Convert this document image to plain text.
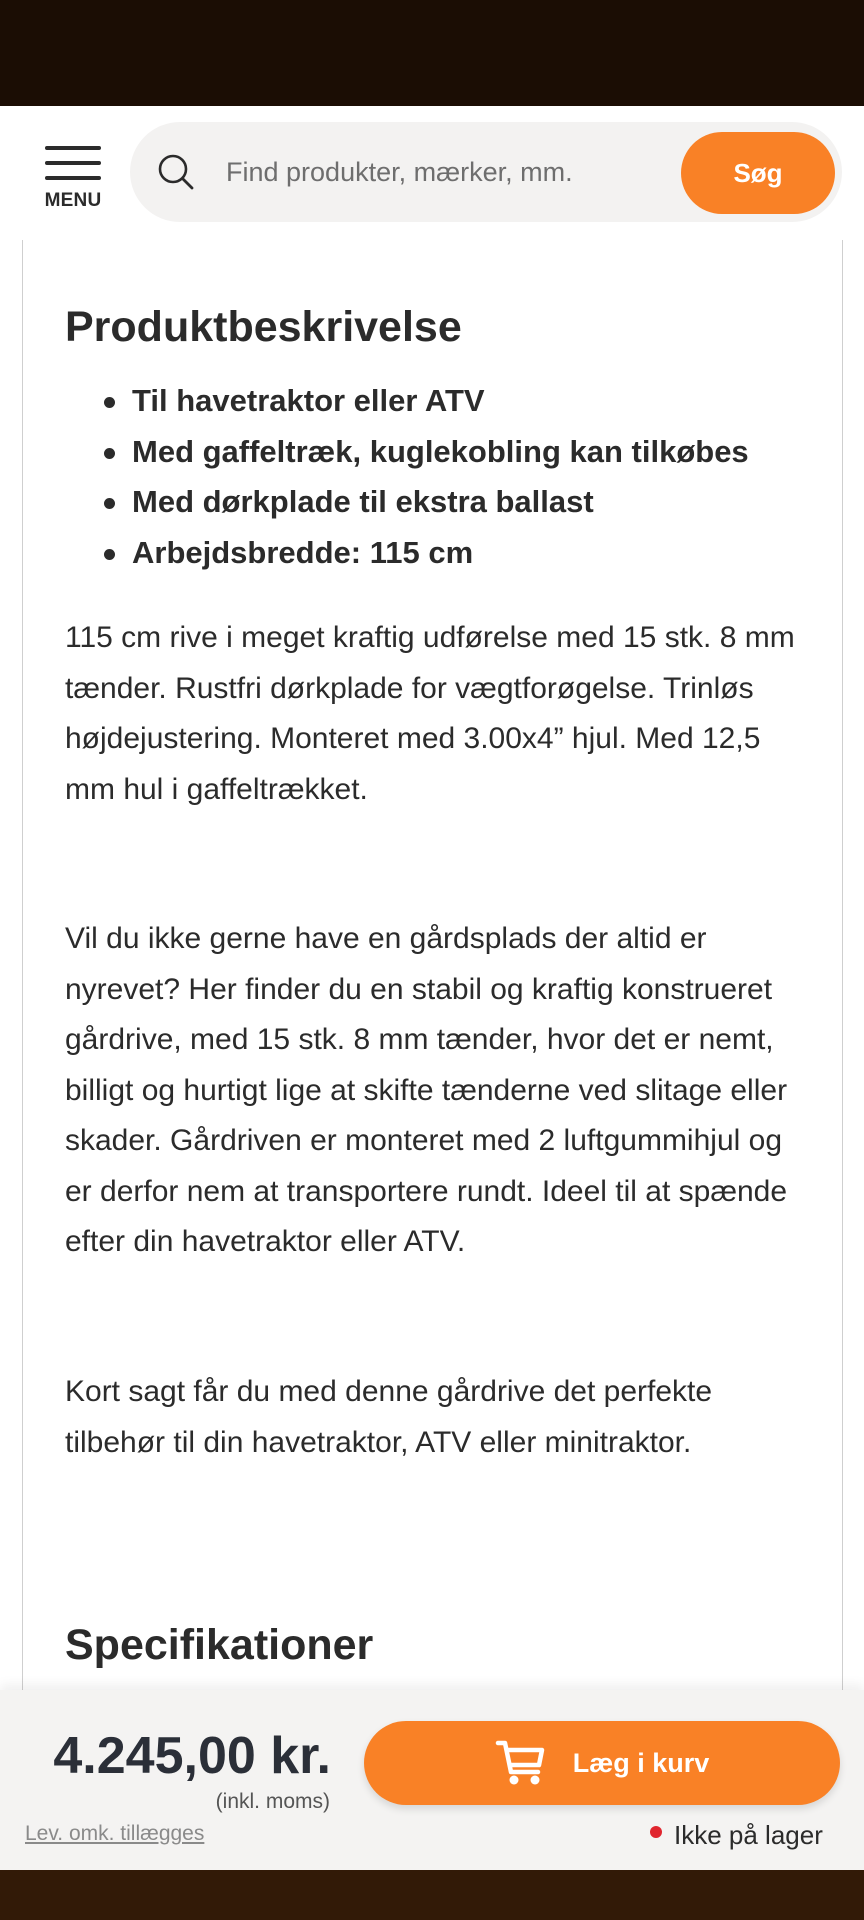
MENU
Find produkter, mærker, mm.
Søg
Produktbeskrivelse
Til havetraktor eller ATV
Med gaffeltræk, kuglekobling kan tilkøbes
Med dørkplade til ekstra ballast
Arbejdsbredde: 115 cm

115 cm rive i meget kraftig udførelse med 15 stk. 8 mm tænder. Rustfri dørkplade for vægtforøgelse. Trinløs højdejustering. Monteret med 3.00x4” hjul. Med 12,5 mm hul i gaffeltrækket.

Vil du ikke gerne have en gårdsplads der altid er nyrevet? Her finder du en stabil og kraftig konstrueret gårdrive, med 15 stk. 8 mm tænder, hvor det er nemt, billigt og hurtigt lige at skifte tænderne ved slitage eller skader. Gårdriven er monteret med 2 luftgummihjul og er derfor nem at transportere rundt. Ideel til at spænde efter din havetraktor eller ATV.

Kort sagt får du med denne gårdrive det perfekte tilbehør til din havetraktor, ATV eller minitraktor.

Specifikationer
4.245,00 kr.
(inkl. moms)
Lev. omk. tillægges
Læg i kurv
Ikke på lager
